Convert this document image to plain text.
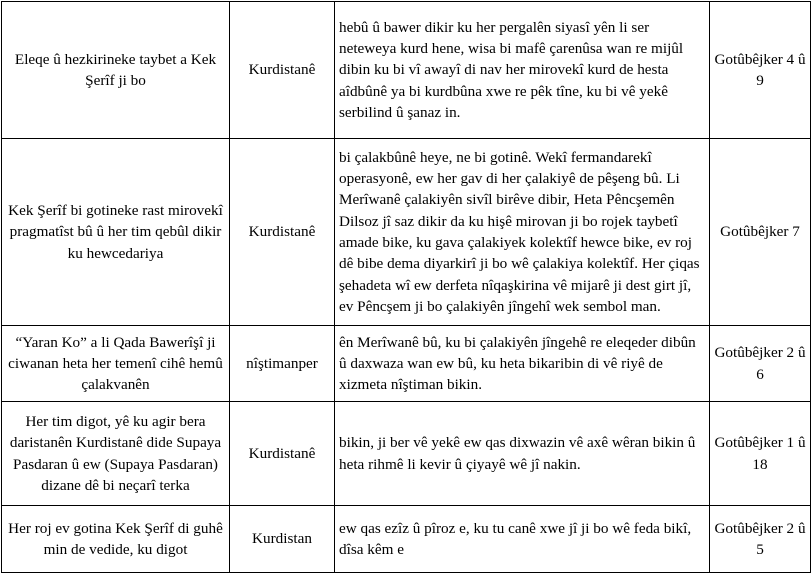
Eleqe û hezkirineke taybet a Kek Şerîf ji bo	Kurdistanê	hebû û bawer dikir ku her pergalên siyasî yên li ser neteweya kurd hene, wisa bi mafê çarenûsa wan re mijûl dibin ku bi vî awayî di nav her mirovekî kurd de hesta aîdbûnê ya bi kurdbûna xwe re pêk tîne, ku bi vê yekê serbilind û şanaz in.	Gotûbêjker 4 û 9
Kek Şerîf bi gotineke rast mirovekî pragmatîst bû û her tim qebûl dikir ku hewcedariya	Kurdistanê	bi çalakbûnê heye, ne bi gotinê. Wekî fermandarekî operasyonê, ew her gav di her çalakiyê de pêşeng bû. Li Merîwanê çalakiyên sivîl birêve dibir, Heta Pêncşemên Dilsoz jî saz dikir da ku hişê mirovan ji bo rojek taybetî amade bike, ku gava çalakiyek kolektîf hewce bike, ev roj dê bibe dema diyarkirî ji bo wê çalakiya kolektîf. Her çiqas şehadeta wî ew derfeta nîqaşkirina vê mijarê ji dest girt jî, ev Pêncşem ji bo çalakiyên jîngehî wek sembol man.	Gotûbêjker 7
“Yaran Ko” a li Qada Bawerîşî ji ciwanan heta her temenî cihê hemû çalakvanên	nîştimanper	ên Merîwanê bû, ku bi çalakiyên jîngehê re eleqeder dibûn û daxwaza wan ew bû, ku heta bikaribin di vê riyê de xizmeta nîştiman bikin.	Gotûbêjker 2 û 6
Her tim digot, yê ku agir bera daristanên Kurdistanê dide Supaya Pasdaran û ew (Supaya Pasdaran) dizane dê bi neçarî terka	Kurdistanê	bikin, ji ber vê yekê ew qas dixwazin vê axê wêran bikin û heta rihmê li kevir û çiyayê wê jî nakin.	Gotûbêjker 1 û 18
Her roj ev gotina Kek Şerîf di guhê min de vedide, ku digot	Kurdistan	ew qas ezîz û pîroz e, ku tu canê xwe jî ji bo wê feda bikî, dîsa kêm e	Gotûbêjker 2 û 5
